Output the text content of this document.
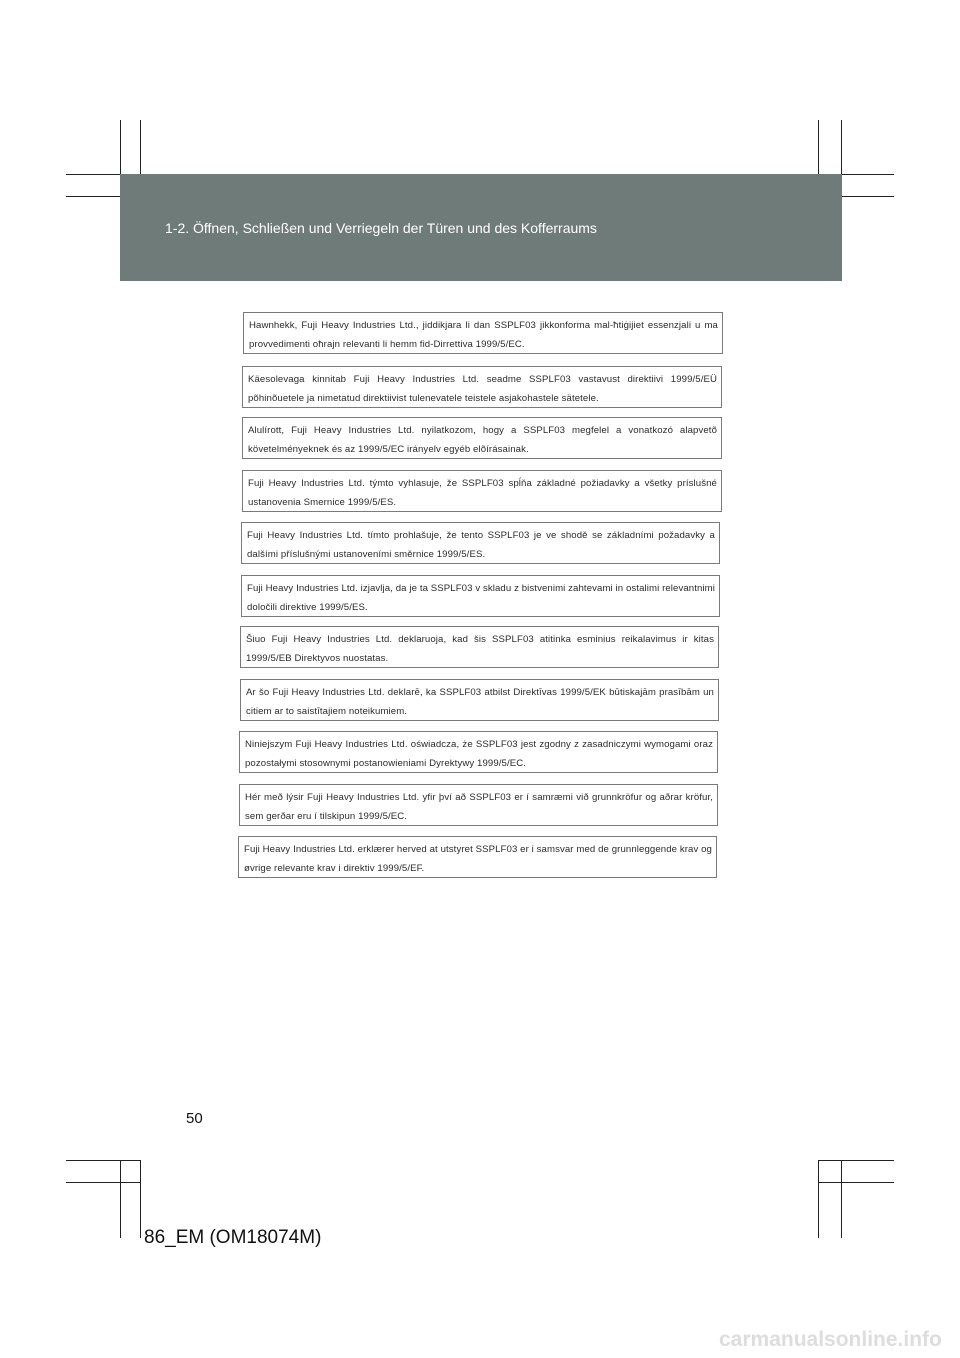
1-2. Öffnen, Schließen und Verriegeln der Türen und des Kofferraums
Hawnhekk, Fuji Heavy Industries Ltd., jiddikjara li dan SSPLF03 jikkonforma mal-ħtiġijiet essenzjali u ma provvedimenti oħrajn relevanti li hemm fid-Dirrettiva 1999/5/EC.
Käesolevaga kinnitab Fuji Heavy Industries Ltd. seadme SSPLF03 vastavust direktiivi 1999/5/EÜ põhinõuetele ja nimetatud direktiivist tulenevatele teistele asjakohastele sätetele.
Alulírott, Fuji Heavy Industries Ltd. nyilatkozom, hogy a SSPLF03 megfelel a vonatkozó alapvetõ követelményeknek és az 1999/5/EC irányelv egyéb elõírásainak.
Fuji Heavy Industries Ltd. týmto vyhlasuje, že SSPLF03 spĺňa základné požiadavky a všetky príslušné ustanovenia Smernice 1999/5/ES.
Fuji Heavy Industries Ltd. tímto prohlašuje, že tento SSPLF03 je ve shodě se základními požadavky a dalšími příslušnými ustanoveními směrnice 1999/5/ES.
Fuji Heavy Industries Ltd. izjavlja, da je ta SSPLF03 v skladu z bistvenimi zahtevami in ostalimi relevantnimi določili direktive 1999/5/ES.
Šiuo Fuji Heavy Industries Ltd. deklaruoja, kad šis SSPLF03 atitinka esminius reikalavimus ir kitas 1999/5/EB Direktyvos nuostatas.
Ar šo Fuji Heavy Industries Ltd. deklarē, ka SSPLF03 atbilst Direktīvas 1999/5/EK būtiskajām prasībām un citiem ar to saistītajiem noteikumiem.
Niniejszym Fuji Heavy Industries Ltd. oświadcza, że SSPLF03 jest zgodny z zasadniczymi wymogami oraz pozostałymi stosownymi postanowieniami Dyrektywy 1999/5/EC.
Hér með lýsir Fuji Heavy Industries Ltd. yfir því að SSPLF03 er í samræmi við grunnkröfur og aðrar kröfur, sem gerðar eru í tilskipun 1999/5/EC.
Fuji Heavy Industries Ltd. erklærer herved at utstyret SSPLF03 er i samsvar med de grunnleggende krav og øvrige relevante krav i direktiv 1999/5/EF.
50
86_EM (OM18074M)
carmanualsonline.info
